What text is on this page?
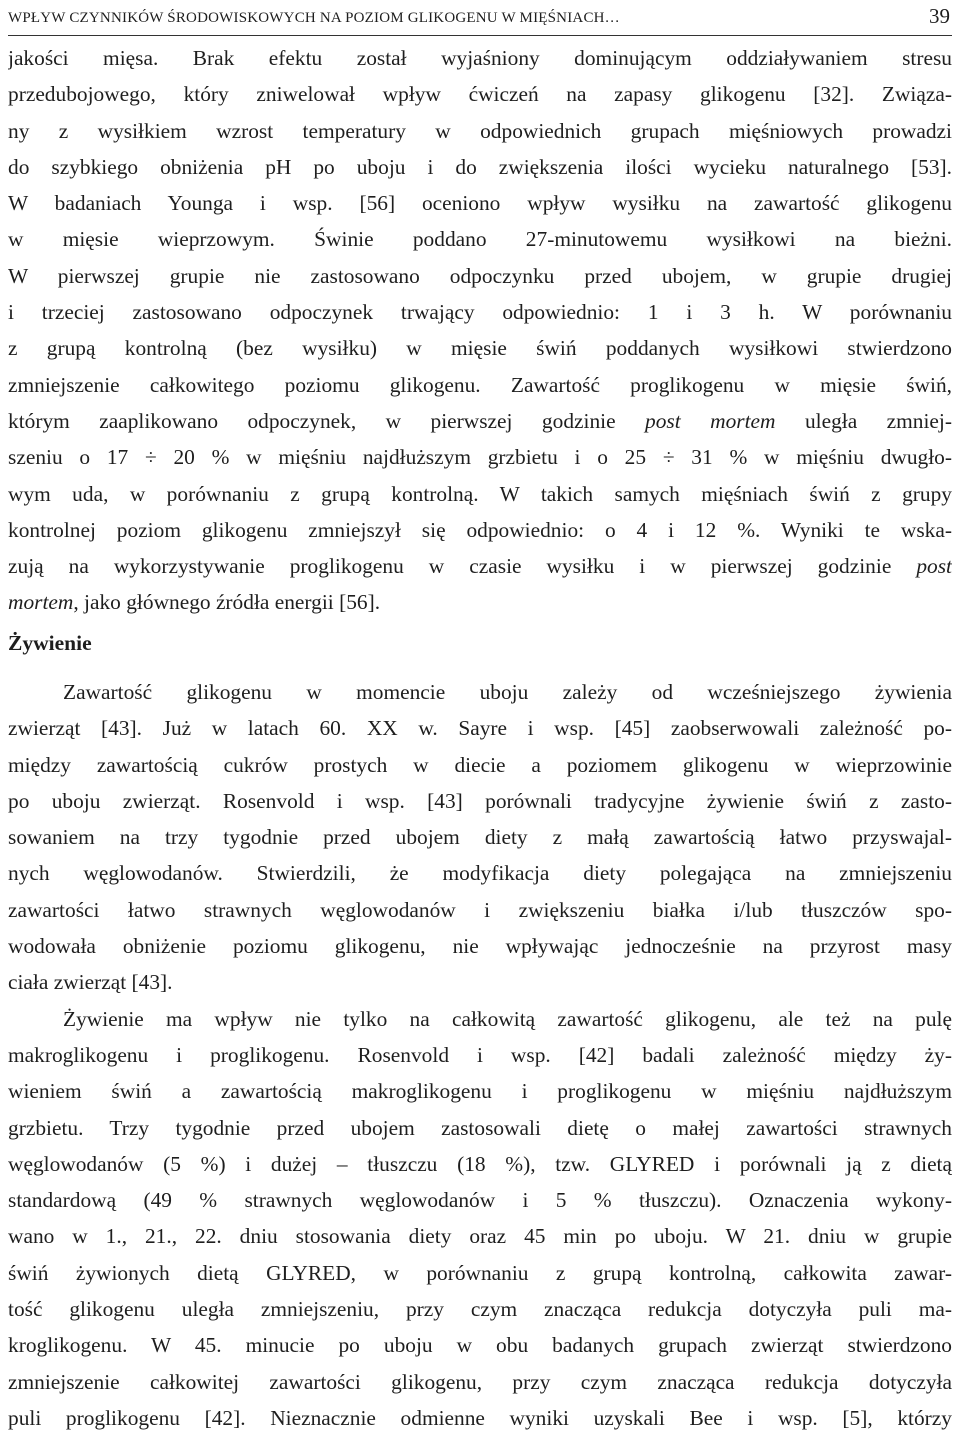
WPŁYW CZYNNIKÓW ŚRODOWISKOWYCH NA POZIOM GLIKOGENU W MIĘŚNIACH…	39
jakości mięsa. Brak efektu został wyjaśniony dominującym oddziaływaniem stresu
przedubojowego, który zniwelował wpływ ćwiczeń na zapasy glikogenu [32]. Związa-
ny z wysiłkiem wzrost temperatury w odpowiednich grupach mięśniowych prowadzi
do szybkiego obniżenia pH po uboju i do zwiększenia ilości wycieku naturalnego [53].
W badaniach Younga i wsp. [56] oceniono wpływ wysiłku na zawartość glikogenu
w mięsie wieprzowym. Świnie poddano 27-minutowemu wysiłkowi na bieżni.
W pierwszej grupie nie zastosowano odpoczynku przed ubojem, w grupie drugiej
i trzeciej zastosowano odpoczynek trwający odpowiednio: 1 i 3 h. W porównaniu
z grupą kontrolną (bez wysiłku) w mięsie świń poddanych wysiłkowi stwierdzono
zmniejszenie całkowitego poziomu glikogenu. Zawartość proglikogenu w mięsie świń,
którym zaaplikowano odpoczynek, w pierwszej godzinie post mortem uległa zmniej-
szeniu o 17 ÷ 20 % w mięśniu najdłuższym grzbietu i o 25 ÷ 31 % w mięśniu dwugło-
wym uda, w porównaniu z grupą kontrolną. W takich samych mięśniach świń z grupy
kontrolnej poziom glikogenu zmniejszył się odpowiednio: o 4 i 12 %. Wyniki te wska-
zują na wykorzystywanie proglikogenu w czasie wysiłku i w pierwszej godzinie post
mortem, jako głównego źródła energii [56].
Żywienie
Zawartość glikogenu w momencie uboju zależy od wcześniejszego żywienia
zwierząt [43]. Już w latach 60. XX w. Sayre i wsp. [45] zaobserwowali zależność po-
między zawartością cukrów prostych w diecie a poziomem glikogenu w wieprzowinie
po uboju zwierząt. Rosenvold i wsp. [43] porównali tradycyjne żywienie świń z zasto-
sowaniem na trzy tygodnie przed ubojem diety z małą zawartością łatwo przyswajal-
nych węglowodanów. Stwierdzili, że modyfikacja diety polegająca na zmniejszeniu
zawartości łatwo strawnych węglowodanów i zwiększeniu białka i/lub tłuszczów spo-
wodowała obniżenie poziomu glikogenu, nie wpływając jednocześnie na przyrost masy
ciała zwierząt [43].
Żywienie ma wpływ nie tylko na całkowitą zawartość glikogenu, ale też na pulę
makroglikogenu i proglikogenu. Rosenvold i wsp. [42] badali zależność między ży-
wieniem świń a zawartością makroglikogenu i proglikogenu w mięśniu najdłuższym
grzbietu. Trzy tygodnie przed ubojem zastosowali dietę o małej zawartości strawnych
węglowodanów (5 %) i dużej – tłuszczu (18 %), tzw. GLYRED i porównali ją z dietą
standardową (49 % strawnych węglowodanów i 5 % tłuszczu). Oznaczenia wykony-
wano w 1., 21., 22. dniu stosowania diety oraz 45 min po uboju. W 21. dniu w grupie
świń żywionych dietą GLYRED, w porównaniu z grupą kontrolną, całkowita zawar-
tość glikogenu uległa zmniejszeniu, przy czym znacząca redukcja dotyczyła puli ma-
kroglikogenu. W 45. minucie po uboju w obu badanych grupach zwierząt stwierdzono
zmniejszenie całkowitej zawartości glikogenu, przy czym znacząca redukcja dotyczyła
puli proglikogenu [42]. Nieznacznie odmienne wyniki uzyskali Bee i wsp. [5], którzy
